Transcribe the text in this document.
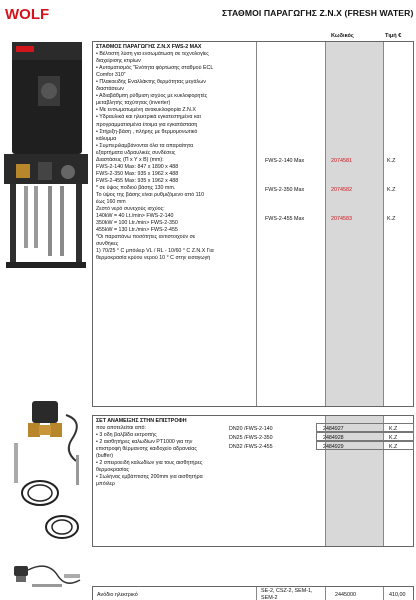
WOLF	ΣΤΑΘΜΟΙ ΠΑΡΑΓΩΓΗΣ Ζ.Ν.Χ (FRESH WATER)
Κωδικός	Τιμή €
ΣΤΑΘΜΟΣ ΠΑΡΑΓΩΓΗΣ Ζ.Ν.Χ FWS-2 MAX
• Βέλτιστη λύση για ενσωμάτωση σε τεχνολογίες
διαχείρισης κτιρίων
• Αυτοματισμός "Ενότητα φόρτωσης σταθμού ECL
Comfor 310"
• Πλακοειδής Εναλλάκτης θερμότητας μεγάλων
διαστάσεων
• Αδιαβάθμιτη ρύθμιση ισχύος με κυκλοφορητές
μεταβλητής ταχύτητας (inverter)
• Με ενσωματωμένη ανακυκλοφορία Ζ.Ν.Χ
• Υδραυλικά και ηλεκτρικά εγκατεστημένα και
προγραμματισμένα έτοιμα για εγκατάσταση
• Στήριξη-βάση , πλήρης με θερμομονωτικό
κάλυμμα
• Συμπεριλαμβάνονται όλα τα απαραίτητα
εξαρτήματα υδραυλικές συνδέσεις
Διαστάσεις (Π x Y x B) (mm):
FWS-2-140 Max: 847 x 1890 x 488
FWS-2-350 Max: 935 x 1962 x 488
FWS-2-455 Max: 935 x 1962 x 488
* σε ύψος ποδιού βάσης 130 mm.
Το ύψος της βάσης είναι ρυθμιζόμενο από 110
έως 160 mm
Ζεστό νερό συνεχούς ισχύος:
140kW = 40 Lt./min> FWS-2-140
350kW = 100 Ltr./min> FWS-2-350
455kW = 130 Ltr./min> FWS-2-455
*Οι παραπάνω ποσότητες αντιστοιχούν σε
συνθήκες
1) 70/25 ° C μπόιλερ VL / RL - 10/60 ° C Z.N.X Για
θερμοκρασία κρύου νερού 10 ° C στην εισαγωγή
FWS-2-140 Max	2074581	K.Z
FWS-2-350 Max	2074582	K.Z
FWS-2-455 Max	2074583	K.Z
ΣΕΤ ΑΝΑΜΕΙΞΗΣ ΣΤΗΝ ΕΠΙΣΤΡΟΦΗ
που αποτελείται από:
• 3 οδη βαλβίδα εκτροπής
• 2 αισθητήρες καλωδίων PT1000 για την
επιστροφή θέρμανσης καιδοχείο αδρανείας
(buffer)
• 2 σπειροειδή καλωδίων για τους αισθητήρες
θερμοκρασίας
• Σωλήνας εμβάπτισης 200mm για αισθητήρα
μπόιλερ
DN20 /FWS-2-140	2484927	K.Z
DN25 /FWS-2-350	2484928	K.Z
DN32 /FWS-2-455	2484929	K.Z
Ανόδιο ηλεκτρικό
SE-2, CSZ-2, SEM-1,
SEM-2	2445000	410,00
